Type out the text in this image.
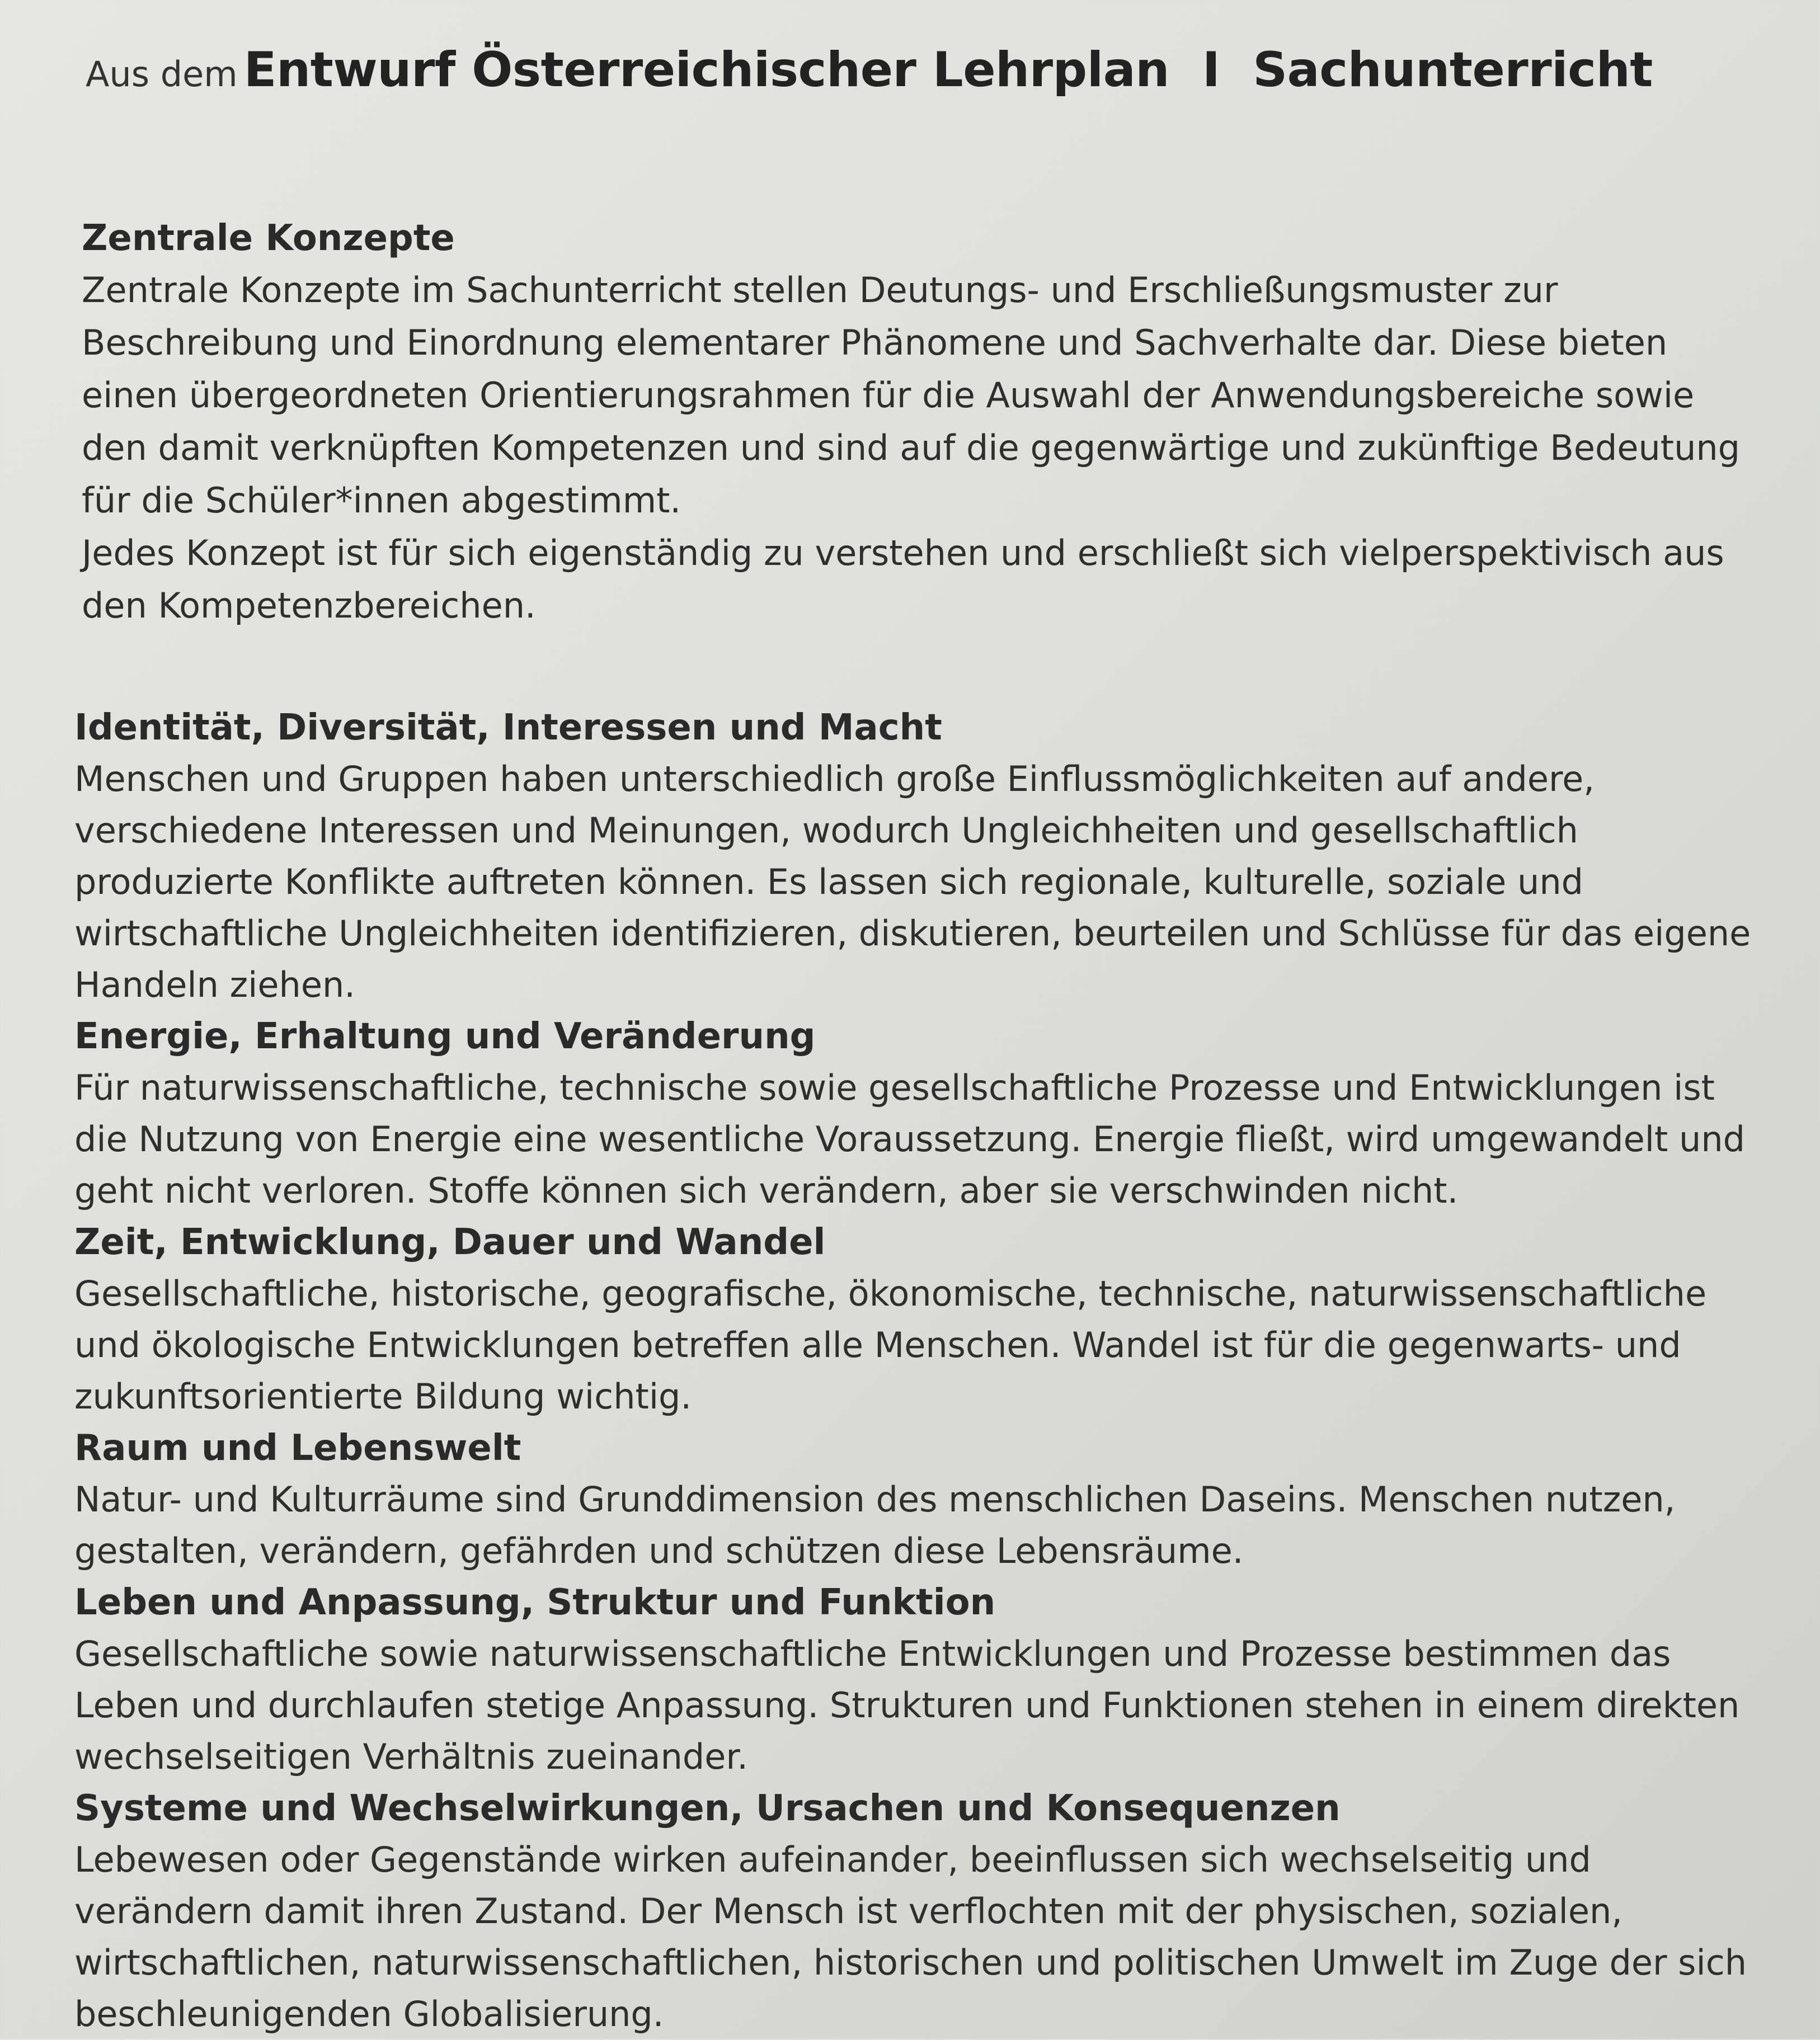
Aus dem Entwurf Österreichischer Lehrplan  I  Sachunterricht
Zentrale Konzepte

Zentrale Konzepte im Sachunterricht stellen Deutungs- und Erschließungsmuster zur Beschreibung und Einordnung elementarer Phänomene und Sachverhalte dar. Diese bieten einen übergeordneten Orientierungsrahmen für die Auswahl der Anwendungsbereiche sowie den damit verknüpften Kompetenzen und sind auf die gegenwärtige und zukünftige Bedeutung für die Schüler*innen abgestimmt.
Jedes Konzept ist für sich eigenständig zu verstehen und erschließt sich vielperspektivisch aus den Kompetenzbereichen.

Identität, Diversität, Interessen und Macht

Menschen und Gruppen haben unterschiedlich große Einflussmöglichkeiten auf andere, verschiedene Interessen und Meinungen, wodurch Ungleichheiten und gesellschaftlich produzierte Konflikte auftreten können. Es lassen sich regionale, kulturelle, soziale und wirtschaftliche Ungleichheiten identifizieren, diskutieren, beurteilen und Schlüsse für das eigene Handeln ziehen.

Energie, Erhaltung und Veränderung

Für naturwissenschaftliche, technische sowie gesellschaftliche Prozesse und Entwicklungen ist die Nutzung von Energie eine wesentliche Voraussetzung. Energie fließt, wird umgewandelt und geht nicht verloren. Stoffe können sich verändern, aber sie verschwinden nicht.

Zeit, Entwicklung, Dauer und Wandel

Gesellschaftliche, historische, geografische, ökonomische, technische, naturwissenschaftliche und ökologische Entwicklungen betreffen alle Menschen. Wandel ist für die gegenwarts- und zukunftsorientierte Bildung wichtig.

Raum und Lebenswelt

Natur- und Kulturräume sind Grunddimension des menschlichen Daseins. Menschen nutzen, gestalten, verändern, gefährden und schützen diese Lebensräume.

Leben und Anpassung, Struktur und Funktion

Gesellschaftliche sowie naturwissenschaftliche Entwicklungen und Prozesse bestimmen das Leben und durchlaufen stetige Anpassung. Strukturen und Funktionen stehen in einem direkten wechselseitigen Verhältnis zueinander.

Systeme und Wechselwirkungen, Ursachen und Konsequenzen

Lebewesen oder Gegenstände wirken aufeinander, beeinflussen sich wechselseitig und verändern damit ihren Zustand. Der Mensch ist verflochten mit der physischen, sozialen, wirtschaftlichen, naturwissenschaftlichen, historischen und politischen Umwelt im Zuge der sich beschleunigenden Globalisierung.
